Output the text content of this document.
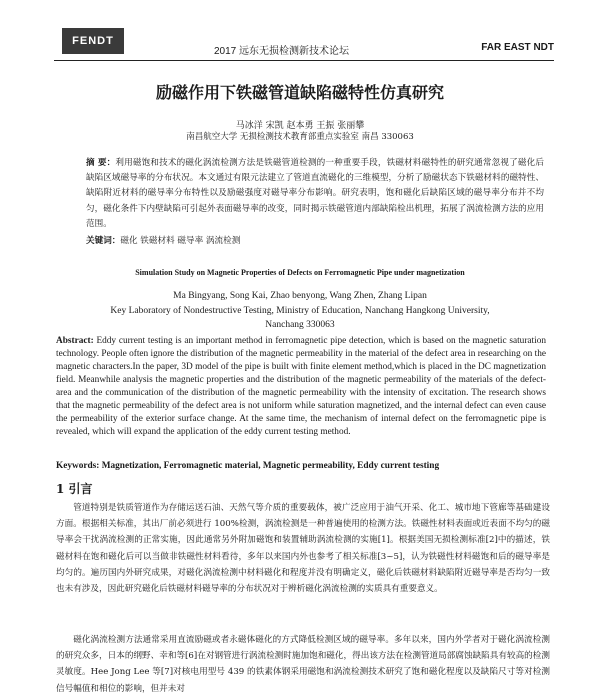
FENDT
2017 远东无损检测新技术论坛	FAR EAST NDT
励磁作用下铁磁管道缺陷磁特性仿真研究
马冰洋 宋凯 赵本勇 王振 张丽攀
南昌航空大学 无损检测技术教育部重点实验室 南昌 330063
摘 要：利用磁饱和技术的磁化涡流检测方法是铁磁管道检测的一种重要手段，铁磁材料磁特性的研究通常忽视了磁化后缺陷区域磁导率的分布状况。本文通过有限元法建立了管道直流磁化的三维模型，分析了励磁状态下铁磁材料的磁特性、缺陷附近材料的磁导率分布特性以及励磁强度对磁导率分布影响。研究表明，饱和磁化后缺陷区域的磁导率分布并不均匀，磁化条件下内壁缺陷可引起外表面磁导率的改变，同时揭示铁磁管道内部缺陷检出机理，拓展了涡流检测方法的应用范围。
关键词：磁化 铁磁材料 磁导率 涡流检测
Simulation Study on Magnetic Properties of Defects on Ferromagnetic Pipe under magnetization
Ma Bingyang, Song Kai, Zhao benyong, Wang Zhen, Zhang Lipan
Key Laboratory of Nondestructive Testing, Ministry of Education, Nanchang Hangkong University,
Nanchang 330063
Abstract: Eddy current testing is an important method in ferromagnetic pipe detection, which is based on the magnetic saturation technology. People often ignore the distribution of the magnetic permeability in the material of the defect area in researching on the magnetic characters.In the paper, 3D model of the pipe is built with finite element method,which is placed in the DC magnetization field. Meanwhile analysis the magnetic properties and the distribution of the magnetic permeability of the materials of the defect-area and the communication of the distribution of the magnetic permeability with the intensity of excitation. The research shows that the magnetic permeability of the defect area is not uniform while saturation magnetized, and the internal defect can even cause the permeability of the exterior surface change. At the same time, the mechanism of internal defect on the ferromagnetic pipe is revealed, which will expand the application of the eddy current testing method.
Keywords: Magnetization, Ferromagnetic material, Magnetic permeability, Eddy current testing
1 引言
管道特别是铁质管道作为存储运送石油、天然气等介质的重要载体，被广泛应用于油气开采、化工、城市地下管廊等基础建设方面。根据相关标准，其出厂前必须进行 100%检测，涡流检测是一种普遍使用的检测方法。铁磁性材料表面或近表面不均匀的磁导率会干扰涡流检测的正常实施，因此通常另外附加磁饱和装置辅助涡流检测的实施[1]。根据美国无损检测标准[2]中的描述，铁磁材料在饱和磁化后可以当做非铁磁性材料看待，多年以来国内外也参考了相关标准[3~5]，认为铁磁性材料磁饱和后的磁导率是均匀的。遍历国内外研究成果，对磁化涡流检测中材料磁化和程度并没有明确定义，磁化后铁磁材料缺陷附近磁导率是否均匀一致也未有涉及，因此研究磁化后铁磁材料磁导率的分布状况对于辨析磁化涡流检测的实质具有重要意义。
磁化涡流检测方法通常采用直流励磁或者永磁体磁化的方式降低检测区域的磁导率。多年以来，国内外学者对于磁化涡流检测的研究众多，日本的纲野、幸和等[6]在对钢管进行涡流检测时施加饱和磁化，得出该方法在检测管道局部腐蚀缺陷具有较高的检测灵敏度。Hee Jong Lee 等[7]对核电用型号 439 的铁素体钢采用磁饱和涡流检测技术研究了饱和磁化程度以及缺陷尺寸等对检测信号幅值和相位的影响，但并未对
